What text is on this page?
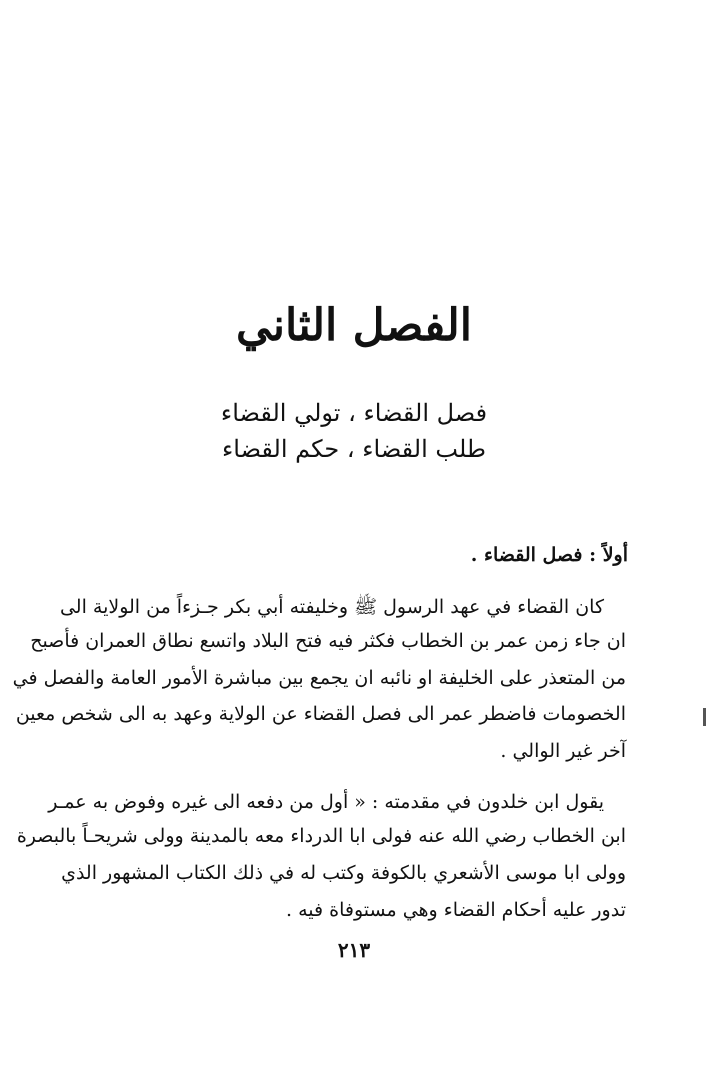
الفصل الثاني
فصل القضاء ، تولي القضاء
طلب القضاء ، حكم القضاء
أولاً : فصل القضاء .
كان القضاء في عهد الرسول ﷺ وخليفته أبي بكر جـزءاً من الولاية الى
ان جاء زمن عمر بن الخطاب فكثر فيه فتح البلاد واتسع نطاق العمران فأصبح
من المتعذر على الخليفة او نائبه ان يجمع بين مباشرة الأمور العامة والفصل في
الخصومات فاضطر عمر الى فصل القضاء عن الولاية وعهد به الى شخص معين
آخر غير الوالي .
يقول ابن خلدون في مقدمته : « أول من دفعه الى غيره وفوض به عمـر
ابن الخطاب رضي الله عنه فولى ابا الدرداء معه بالمدينة وولى شريحـاً بالبصرة
وولى ابا موسى الأشعري بالكوفة وكتب له في ذلك الكتاب المشهور الذي
تدور عليه أحكام القضاء وهي مستوفاة فيه .
٢١٣
